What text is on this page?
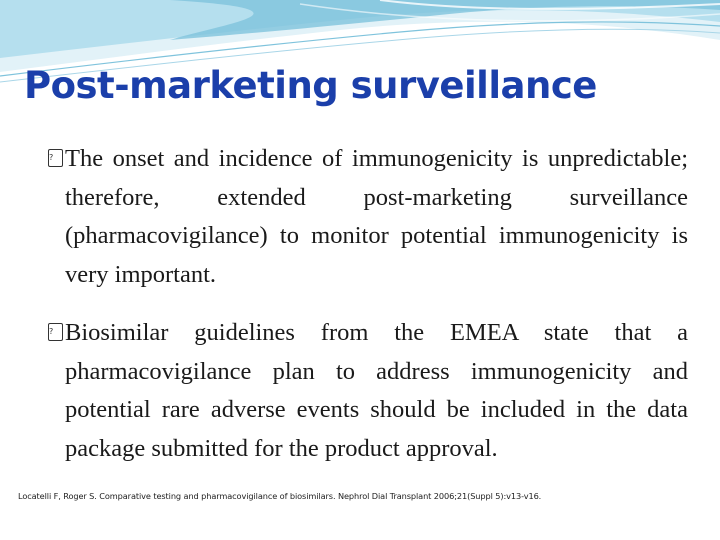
Post-marketing surveillance
? The onset and incidence of immunogenicity is unpredictable; therefore, extended post-marketing surveillance (pharmacovigilance) to monitor potential immunogenicity is very important.
? Biosimilar guidelines from the EMEA state that a pharmacovigilance plan to address immunogenicity and potential rare adverse events should be included in the data package submitted for the product approval.

Locatelli F, Roger S. Comparative testing and pharmacovigilance of biosimilars. Nephrol Dial Transplant 2006;21(Suppl 5):v13-v16.
